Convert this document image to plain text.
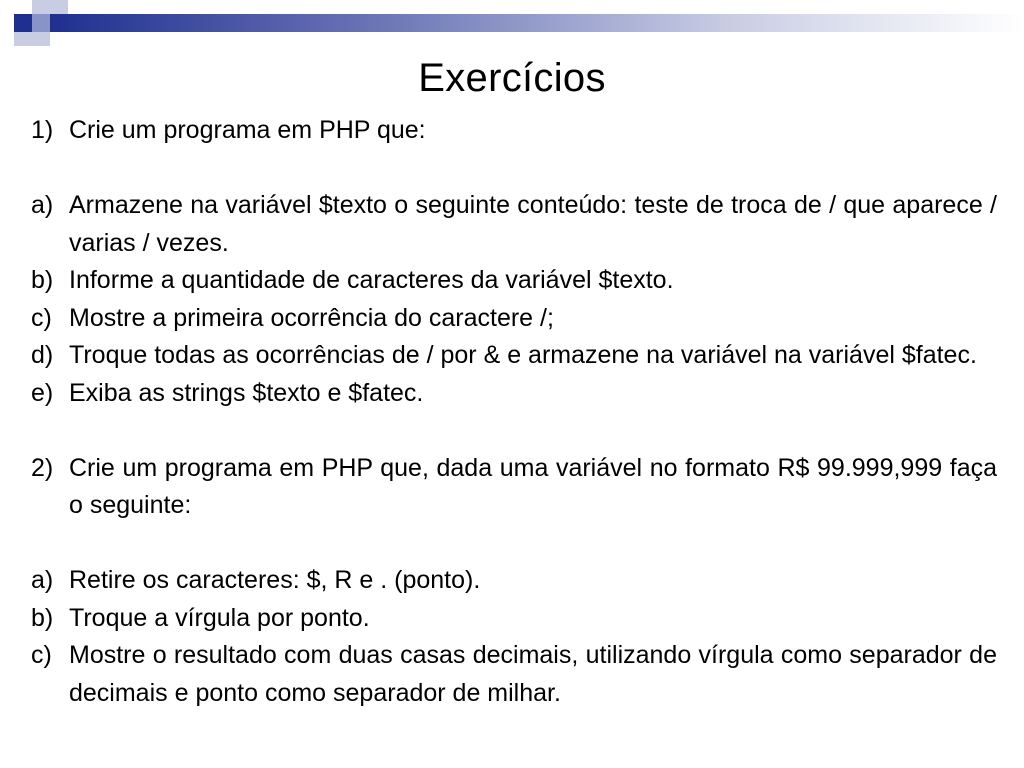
Exercícios
1) Crie um programa em PHP que:
a) Armazene na variável $texto o seguinte conteúdo: teste de troca de / que aparece / varias / vezes.
b) Informe a quantidade de caracteres da variável $texto.
c) Mostre a primeira ocorrência do caractere /;
d) Troque todas as ocorrências de / por & e armazene na variável na variável $fatec.
e) Exiba as strings $texto e $fatec.
2) Crie um programa em PHP que, dada uma variável no formato R$ 99.999,999 faça o seguinte:
a) Retire os caracteres: $, R e . (ponto).
b) Troque a vírgula por ponto.
c) Mostre o resultado com duas casas decimais, utilizando vírgula como separador de decimais e ponto como separador de milhar.
